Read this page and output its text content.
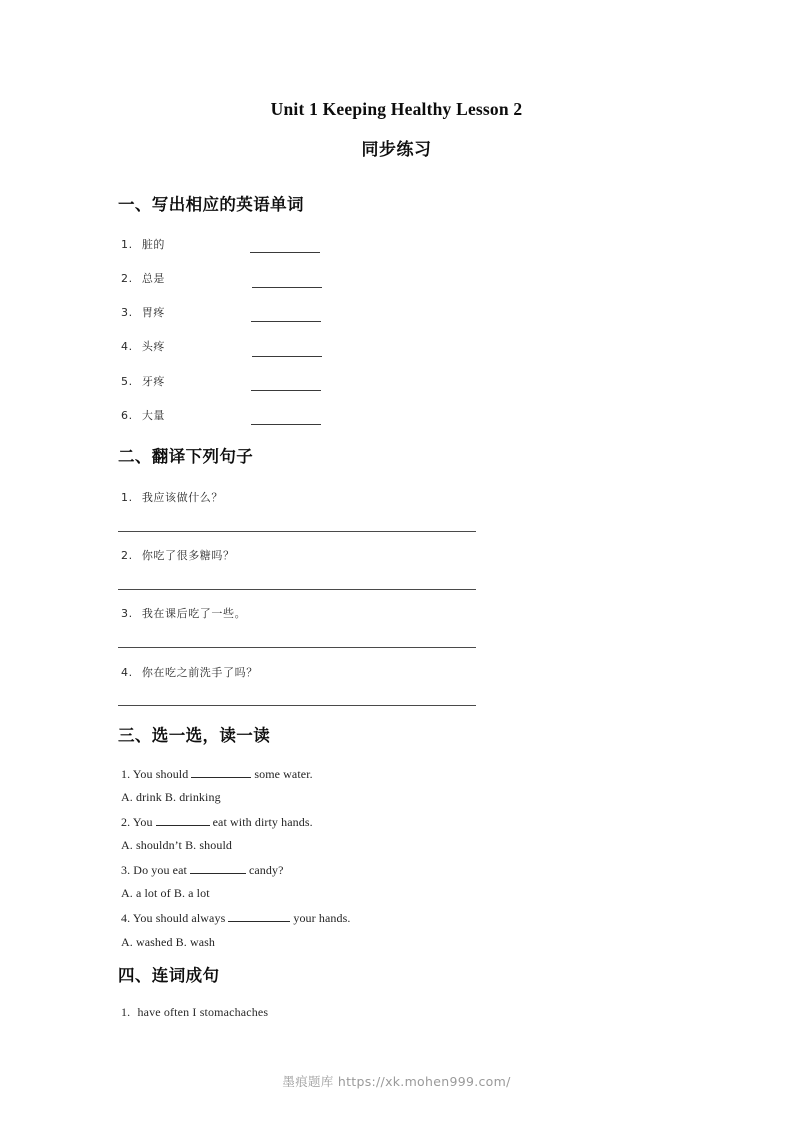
Unit 1 Keeping Healthy Lesson 2
同步练习
一、写出相应的英语单词
1. 脏的
2. 总是
3. 胃疼
4. 头疼
5. 牙疼
6. 大量
二、翻译下列句子
1. 我应该做什么？
2. 你吃了很多糖吗？
3. 我在课后吃了一些。
4. 你在吃之前洗手了吗？
三、选一选，读一读
1. You should	some water.
A. drink B. drinking
2. You	eat with dirty hands.
A. shouldn’t B. should
3. Do you eat	candy?
A. a lot of B. a lot
4. You should always	your hands.
A. washed B. wash
四、连词成句
1. have often I stomachaches
墨痕题库 https://xk.mohen999.com/
